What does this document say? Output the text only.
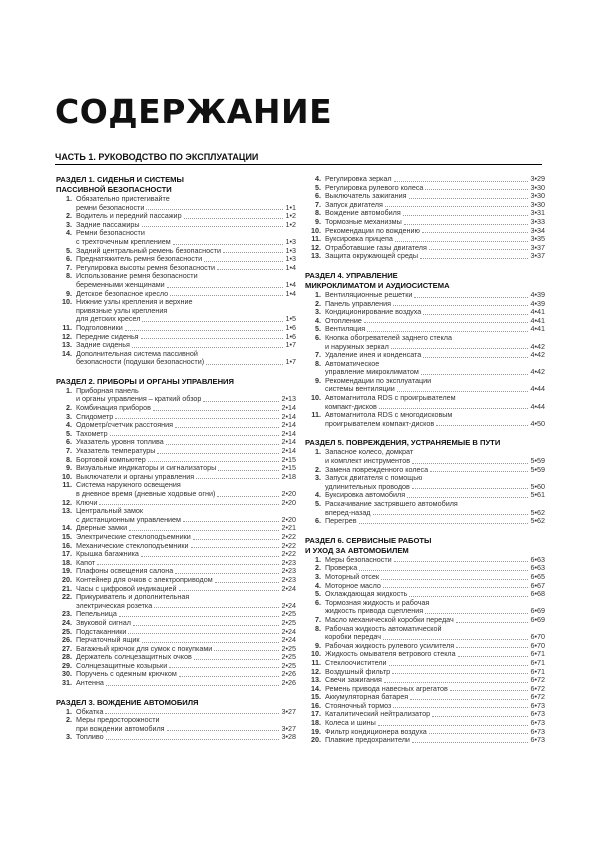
СОДЕРЖАНИЕ
ЧАСТЬ 1. РУКОВОДСТВО ПО ЭКСПЛУАТАЦИИ
РАЗДЕЛ 1. СИДЕНЬЯ И СИСТЕМЫ
ПАССИВНОЙ БЕЗОПАСНОСТИ
1. Обязательно пристегивайте
ремни безопасности	1•1
2. Водитель и передний пассажир	1•2
3. Задние пассажиры	1•2
4. Ремни безопасности
с трехточечным креплением	1•3
5. Задний центральный ремень безопасности	1•3
6. Преднатяжитель ремня безопасности	1•3
7. Регулировка высоты ремня безопасности	1•4
8. Использование ремня безопасности
беременными женщинами	1•4
9. Детское безопасное кресло	1•4
10. Нижние узлы крепления и верхние
привязные узлы крепления
для детских кресел	1•5
11. Подголовники	1•6
12. Передние сиденья	1•6
13. Задние сиденья	1•7
14. Дополнительная система пассивной
безопасности (подушки безопасности)	1•7
РАЗДЕЛ 2. ПРИБОРЫ И ОРГАНЫ УПРАВЛЕНИЯ
1. Приборная панель
и органы управления – краткий обзор	2•13
2. Комбинация приборов	2•14
3. Спидометр	2•14
4. Одометр/счетчик расстояния	2•14
5. Тахометр	2•14
6. Указатель уровня топлива	2•14
7. Указатель температуры	2•14
8. Бортовой компьютер	2•15
9. Визуальные индикаторы и сигнализаторы	2•15
10. Выключатели и органы управления	2•18
11. Система наружного освещения
в дневное время (дневные ходовые огни)	2•20
12. Ключи	2•20
13. Центральный замок
с дистанционным управлением	2•20
14. Дверные замки	2•21
15. Электрические стеклоподъемники	2•22
16. Механические стеклоподъемники	2•22
17. Крышка багажника	2•22
18. Капот	2•23
19. Плафоны освещения салона	2•23
20. Контейнер для очков с электроприводом	2•23
21. Часы с цифровой индикацией	2•24
22. Прикуриватель и дополнительная
электрическая розетка	2•24
23. Пепельница	2•25
24. Звуковой сигнал	2•25
25. Подстаканники	2•24
26. Перчаточный ящик	2•24
27. Багажный крючок для сумок с покупками	2•25
28. Держатель солнцезащитных очков	2•25
29. Солнцезащитные козырьки	2•25
30. Поручень с одежным крючком	2•26
31. Антенна	2•26
РАЗДЕЛ 3. ВОЖДЕНИЕ АВТОМОБИЛЯ
1. Обкатка	3•27
2. Меры предосторожности
при вождении автомобиля	3•27
3. Топливо	3•28
4. Регулировка зеркал	3•29
5. Регулировка рулевого колеса	3•30
6. Выключатель зажигания	3•30
7. Запуск двигателя	3•30
8. Вождение автомобиля	3•31
9. Тормозные механизмы	3•33
10. Рекомендации по вождению	3•34
11. Буксировка прицепа	3•35
12. Отработавшие газы двигателя	3•37
13. Защита окружающей среды	3•37
РАЗДЕЛ 4. УПРАВЛЕНИЕ
МИКРОКЛИМАТОМ И АУДИОСИСТЕМА
1. Вентиляционные решетки	4•39
2. Панель управления	4•39
3. Кондиционирование воздуха	4•41
4. Отопление	4•41
5. Вентиляция	4•41
6. Кнопка обогревателей заднего стекла
и наружных зеркал	4•42
7. Удаление инея и конденсата	4•42
8. Автоматическое
управление микроклиматом	4•42
9. Рекомендации по эксплуатации
системы вентиляции	4•44
10. Автомагнитола RDS с проигрывателем
компакт-дисков	4•44
11. Автомагнитола RDS с многодисковым
проигрывателем компакт-дисков	4•50
РАЗДЕЛ 5. ПОВРЕЖДЕНИЯ, УСТРАНЯЕМЫЕ В ПУТИ
1. Запасное колесо, домкрат
и комплект инструментов	5•59
2. Замена поврежденного колеса	5•59
3. Запуск двигателя с помощью
удлинительных проводов	5•60
4. Буксировка автомобиля	5•61
5. Раскачивание застрявшего автомобиля
вперед-назад	5•62
6. Перегрев	5•62
РАЗДЕЛ 6. СЕРВИСНЫЕ РАБОТЫ
И УХОД ЗА АВТОМОБИЛЕМ
1. Меры безопасности	6•63
2. Проверка	6•63
3. Моторный отсек	6•65
4. Моторное масло	6•67
5. Охлаждающая жидкость	6•68
6. Тормозная жидкость и рабочая
жидкость привода сцепления	6•69
7. Масло механической коробки передач	6•69
8. Рабочая жидкость автоматической
коробки передач	6•70
9. Рабочая жидкость рулевого усилителя	6•70
10. Жидкость омывателя ветрового стекла	6•71
11. Стеклоочистители	6•71
12. Воздушный фильтр	6•71
13. Свечи зажигания	6•72
14. Ремень привода навесных агрегатов	6•72
15. Аккумуляторная батарея	6•72
16. Стояночный тормоз	6•73
17. Каталитический нейтрализатор	6•73
18. Колеса и шины	6•73
19. Фильтр кондиционера воздуха	6•73
20. Плавкие предохранители	6•73
